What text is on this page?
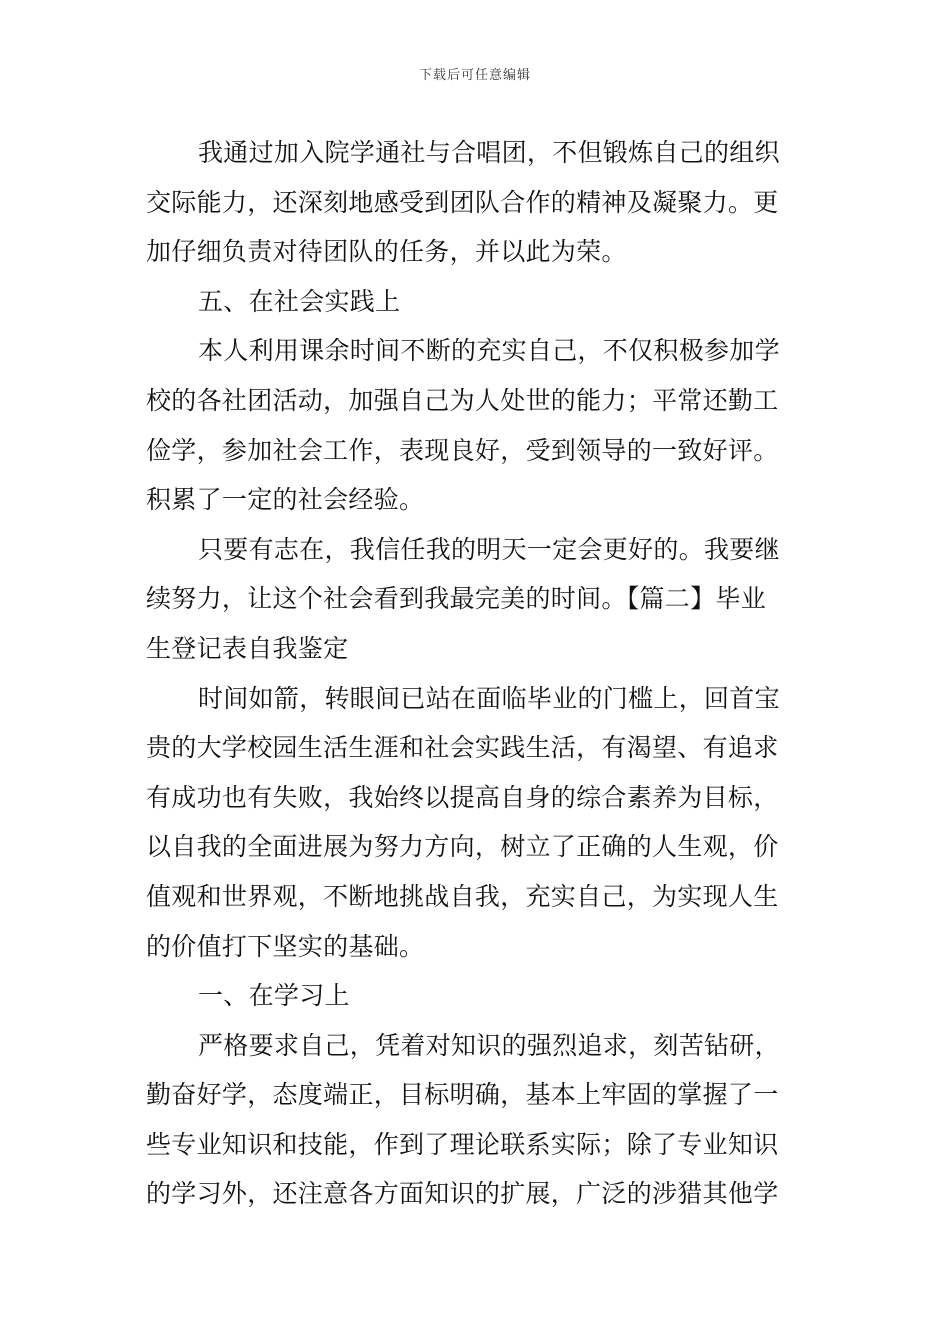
下载后可任意编辑
我通过加入院学通社与合唱团，不但锻炼自己的组织
交际能力，还深刻地感受到团队合作的精神及凝聚力。更
加仔细负责对待团队的任务，并以此为荣。
五、在社会实践上
本人利用课余时间不断的充实自己，不仅积极参加学
校的各社团活动，加强自己为人处世的能力；平常还勤工
俭学，参加社会工作，表现良好，受到领导的一致好评。
积累了一定的社会经验。
只要有志在，我信任我的明天一定会更好的。我要继
续努力，让这个社会看到我最完美的时间。【篇二】毕业
生登记表自我鉴定
时间如箭，转眼间已站在面临毕业的门槛上，回首宝
贵的大学校园生活生涯和社会实践生活，有渴望、有追求
有成功也有失败，我始终以提高自身的综合素养为目标，
以自我的全面进展为努力方向，树立了正确的人生观，价
值观和世界观，不断地挑战自我，充实自己，为实现人生
的价值打下坚实的基础。
一、在学习上
严格要求自己，凭着对知识的强烈追求，刻苦钻研，
勤奋好学，态度端正，目标明确，基本上牢固的掌握了一
些专业知识和技能，作到了理论联系实际；除了专业知识
的学习外，还注意各方面知识的扩展，广泛的涉猎其他学
